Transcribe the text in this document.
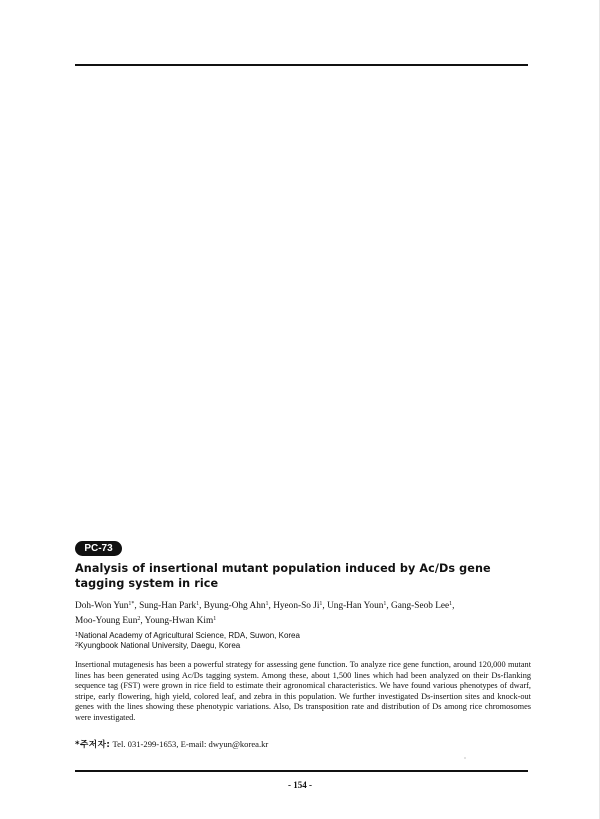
PC-73
Analysis of insertional mutant population induced by Ac/Ds gene tagging system in rice
Doh-Won Yun$^{1*}$, Sung-Han Park$^1$, Byung-Ohg Ahn$^1$, Hyeon-So Ji$^1$, Ung-Han Youn$^1$, Gang-Seob Lee$^1$,
Moo-Young Eun$^2$, Young-Hwan Kim$^1$
$^1$National Academy of Agricultural Science, RDA, Suwon, Korea
$^2$Kyungbook National University, Daegu, Korea
Insertional mutagenesis has been a powerful strategy for assessing gene function. To analyze rice gene function, around 120,000 mutant lines has been generated using Ac/Ds tagging system. Among these, about 1,500 lines which had been analyzed on their Ds-flanking sequence tag (FST) were grown in rice field to estimate their agronomical characteristics. We have found various phenotypes of dwarf, stripe, early flowering, high yield, colored leaf, and zebra in this population. We further investigated Ds-insertion sites and knock-out genes with the lines showing these phenotypic variations. Also, Ds transposition rate and distribution of Ds among rice chromosomes were investigated.
*주저자: Tel. 031-299-1653, E-mail: dwyun@korea.kr
- 154 -
